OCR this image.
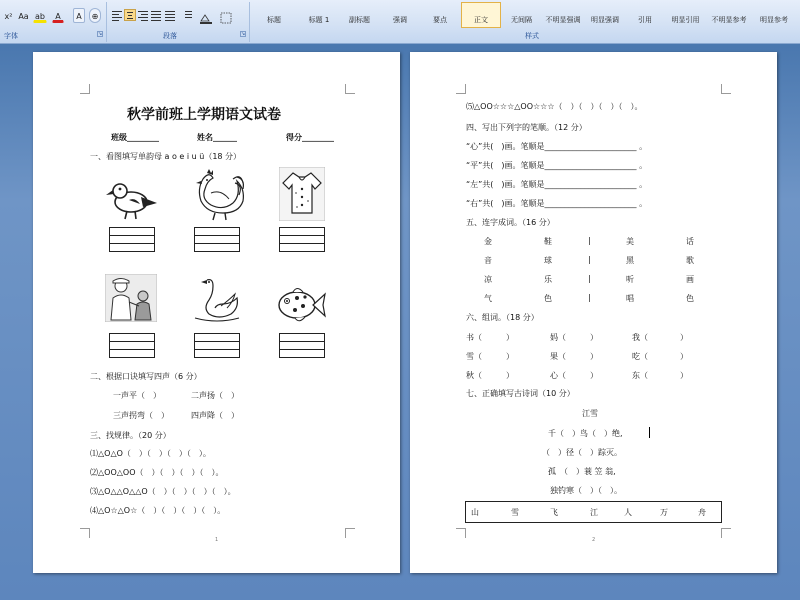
x² Aa ab	A	A	⊕
字体	↘	段落	↘
标题	标题 1	副标题	强调	要点	正文	无间隔	不明显强调	明显强调	引用	明显引用	不明显参考	明显参考
样式
秋学前班上学期语文试卷
班级________	姓名______	得分________
一、看图填写单韵母 a o e i u ü（18 分）
二、根据口诀填写四声（6 分）
一声平（　）	二声扬（　）
三声拐弯（　）	四声降（　）
三、找规律。（20 分）
⑴△O△O（　）（　）（　）（　）。
⑵△OO△OO（　）（　）（　）（　）。
⑶△O△△O△△O（　）（　）（　）（　）。
⑷△O☆△O☆（　）（　）（　）（　）。
1
⑸△OO☆☆☆△OO☆☆☆（　）（　）（　）（　）。
四、写出下列字的笔顺。（12 分）
“心”共(　)画。笔顺是_______________________ 。
“平”共(　)画。笔顺是_______________________ 。
“左”共(　)画。笔顺是_______________________ 。
“右”共(　)画。笔顺是_______________________ 。
五、连字成词。（16 分）
金	鞋	|	美	话
音	球	|	黑	歌
凉	乐	|	听	画
气	色	|	唱	色
六、组词。（18 分）
书（　　　）	妈（　　　）	我（　　　　）
雪（　　　）	果（　　　）	吃（　　　　）
秋（　　　）	心（　　　）	东（　　　　）
七、正确填写古诗词（10 分）
江雪
千（　）鸟（　）绝,
（　）径（　）踪灭。
孤　（　）蓑 笠 翁,
独钓寒（　）（　）。
山	雪	飞	江	人	万	舟
2
